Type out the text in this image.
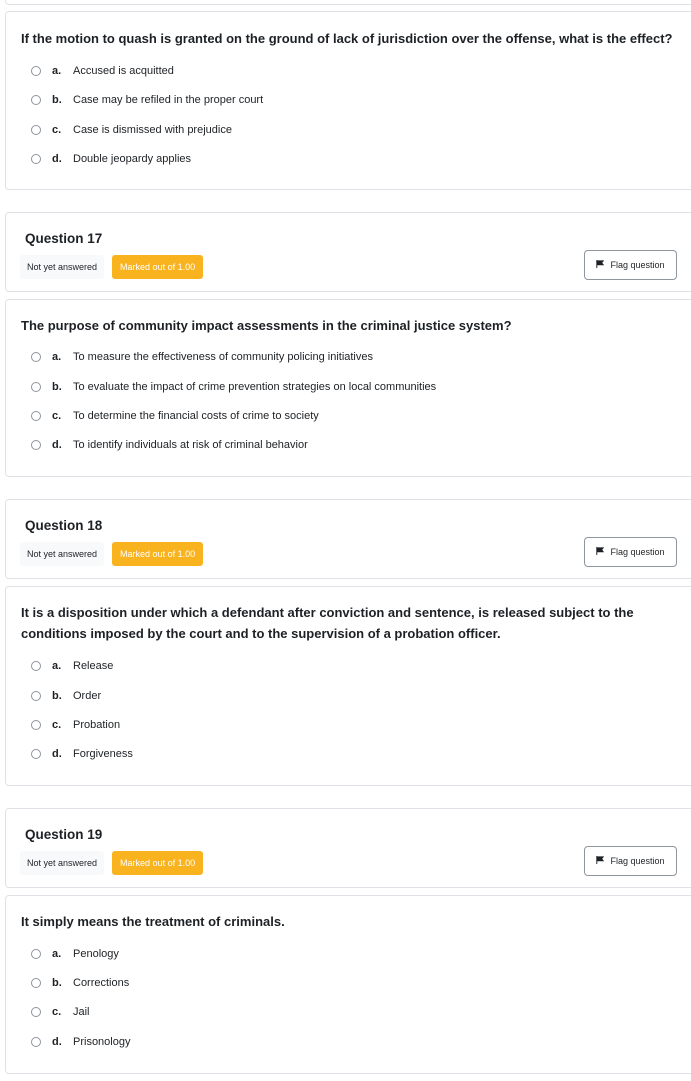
If the motion to quash is granted on the ground of lack of jurisdiction over the offense, what is the effect?
a.	Accused is acquitted
b.	Case may be refiled in the proper court
c.	Case is dismissed with prejudice
d.	Double jeopardy applies
Question 17
Not yet answered	Marked out of 1.00	Flag question
The purpose of community impact assessments in the criminal justice system?
a.	To measure the effectiveness of community policing initiatives
b.	To evaluate the impact of crime prevention strategies on local communities
c.	To determine the financial costs of crime to society
d.	To identify individuals at risk of criminal behavior
Question 18
Not yet answered	Marked out of 1.00	Flag question
It is a disposition under which a defendant after conviction and sentence, is released subject to the conditions imposed by the court and to the supervision of a probation officer.
a.	Release
b.	Order
c.	Probation
d.	Forgiveness
Question 19
Not yet answered	Marked out of 1.00	Flag question
It simply means the treatment of criminals.
a.	Penology
b.	Corrections
c.	Jail
d.	Prisonology
